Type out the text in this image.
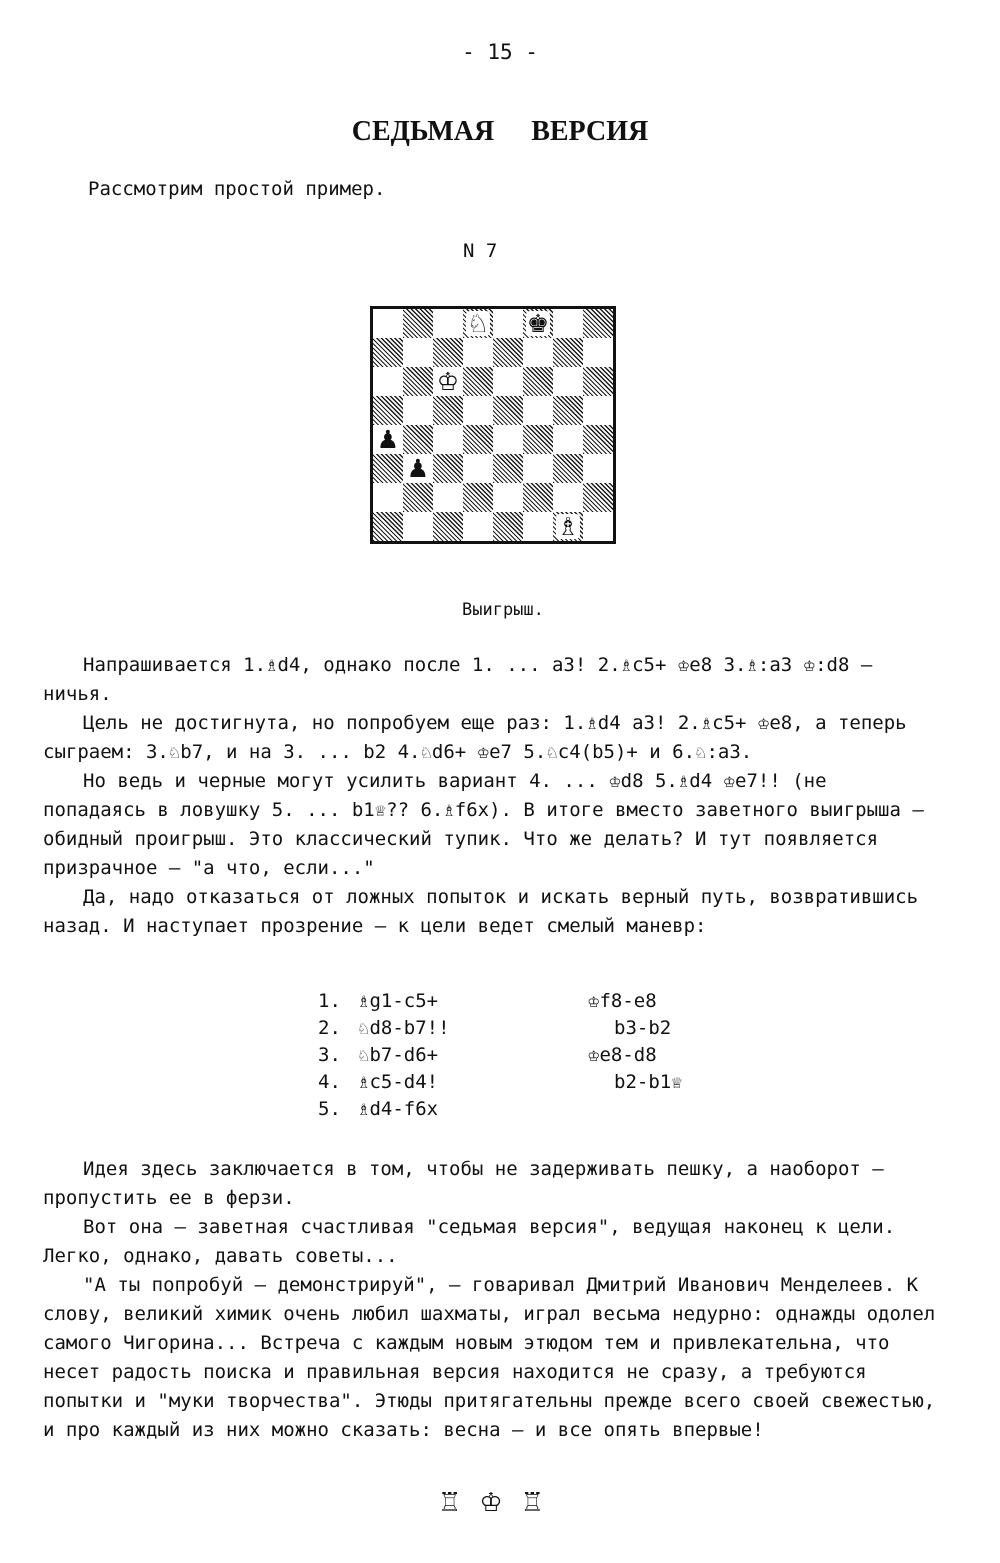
- 15 -
СЕДЬМАЯ ВЕРСИЯ
Рассмотрим простой пример.
N 7
♘ ♚
♔
♟
♟
♗
Выигрыш.

Напрашивается 1.♗d4, однако после 1. ... a3! 2.♗c5+ ♔e8 3.♗:a3 ♔:d8 – ничья.

Цель не достигнута, но попробуем еще раз: 1.♗d4 a3! 2.♗c5+ ♔e8, а теперь сыграем: 3.♘b7, и на 3. ... b2 4.♘d6+ ♔e7 5.♘c4(b5)+ и 6.♘:a3.

Но ведь и черные могут усилить вариант 4. ... ♔d8 5.♗d4 ♔e7!! (не попадаясь в ловушку 5. ... b1♕?? 6.♗f6x). В итоге вместо заветного выигрыша – обидный проигрыш. Это классический тупик. Что же делать? И тут появляется призрачное – "а что, если..."

Да, надо отказаться от ложных попыток и искать верный путь, возвратившись назад. И наступает прозрение – к цели ведет смелый маневр:

1. ♗g1-c5+	♔f8-e8
2. ♘d8-b7!!	b3-b2
3. ♘b7-d6+	♔e8-d8
4. ♗c5-d4!	b2-b1♕
5. ♗d4-f6x

Идея здесь заключается в том, чтобы не задерживать пешку, а наоборот – пропустить ее в ферзи.

Вот она – заветная счастливая "седьмая версия", ведущая наконец к цели. Легко, однако, давать советы...

"А ты попробуй – демонстрируй", – говаривал Дмитрий Иванович Менделеев. К слову, великий химик очень любил шахматы, играл весьма недурно: однажды одолел самого Чигорина... Встреча с каждым новым этюдом тем и привлекательна, что несет радость поиска и правильная версия находится не сразу, а требуются попытки и "муки творчества". Этюды притягательны прежде всего своей свежестью, и про каждый из них можно сказать: весна – и все опять впервые!

♖♔♖
